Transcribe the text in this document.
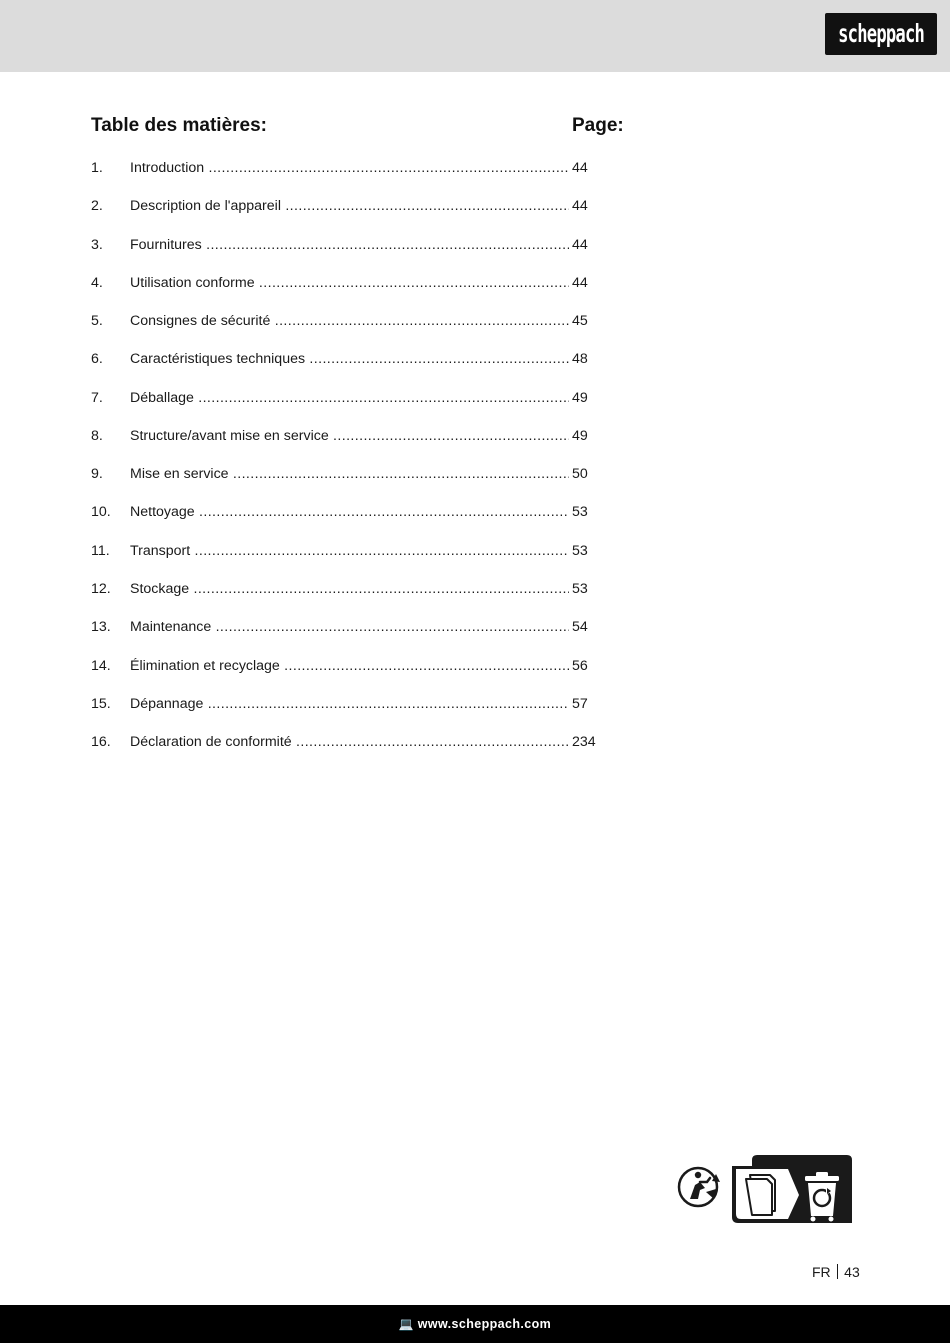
scheppach
Table des matières:	Page:
1. Introduction .....	44
2. Description de l'appareil .....	44
3. Fournitures .....	44
4. Utilisation conforme .....	44
5. Consignes de sécurité .....	45
6. Caractéristiques techniques .....	48
7. Déballage .....	49
8. Structure/avant mise en service .....	49
9. Mise en service .....	50
10. Nettoyage .....	53
11. Transport .....	53
12. Stockage .....	53
13. Maintenance .....	54
14. Élimination et recyclage .....	56
15. Dépannage .....	57
16. Déclaration de conformité .....	234
FR
FR 43
💻 www.scheppach.com
